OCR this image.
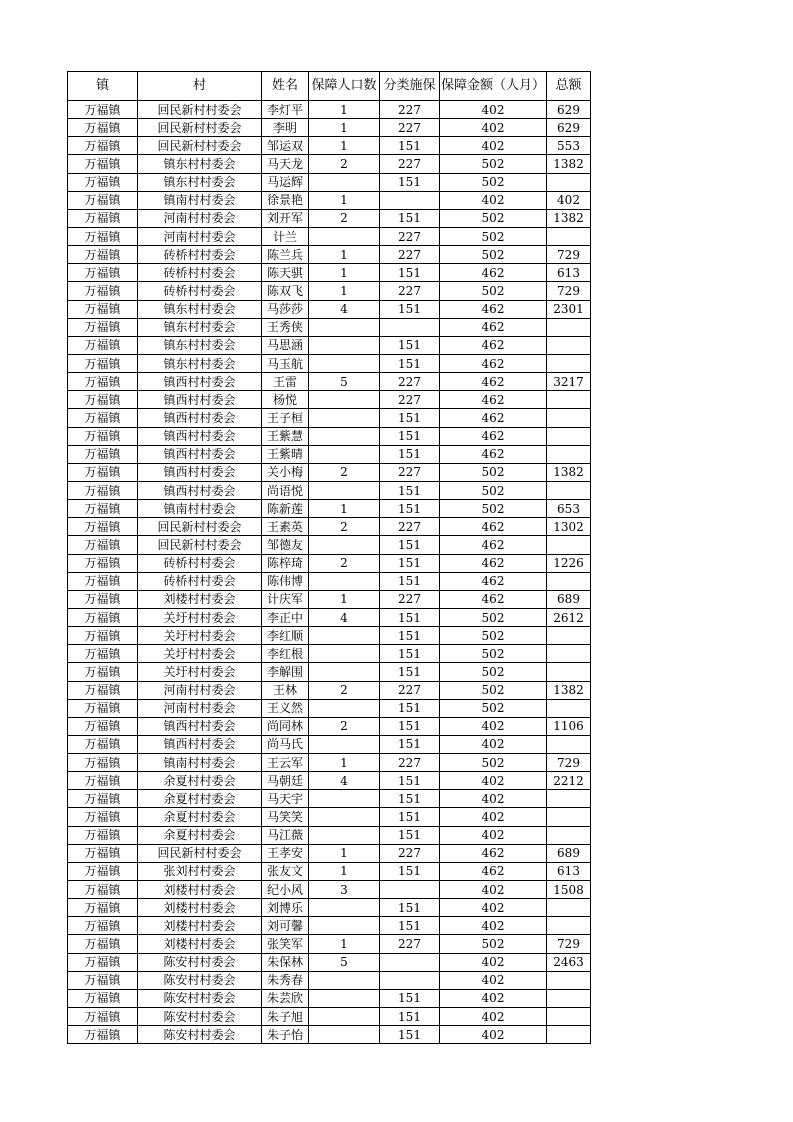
镇	村	姓名	保障人口数	分类施保	保障金额（人月）	总额
万福镇	回民新村村委会	李灯平	1	227	402	629
万福镇	回民新村村委会	李明	1	227	402	629
万福镇	回民新村村委会	邹运双	1	151	402	553
万福镇	镇东村村委会	马天龙	2	227	502	1382
万福镇	镇东村村委会	马运辉		151	502	
万福镇	镇南村村委会	徐景艳	1		402	402
万福镇	河南村村委会	刘开军	2	151	502	1382
万福镇	河南村村委会	计兰		227	502	
万福镇	砖桥村村委会	陈兰兵	1	227	502	729
万福镇	砖桥村村委会	陈天骐	1	151	462	613
万福镇	砖桥村村委会	陈双飞	1	227	502	729
万福镇	镇东村村委会	马莎莎	4	151	462	2301
万福镇	镇东村村委会	王秀侠			462	
万福镇	镇东村村委会	马思涵		151	462	
万福镇	镇东村村委会	马玉航		151	462	
万福镇	镇西村村委会	王雷	5	227	462	3217
万福镇	镇西村村委会	杨悦		227	462	
万福镇	镇西村村委会	王子桓		151	462	
万福镇	镇西村村委会	王紫慧		151	462	
万福镇	镇西村村委会	王紫晴		151	462	
万福镇	镇西村村委会	关小梅	2	227	502	1382
万福镇	镇西村村委会	尚语悦		151	502	
万福镇	镇南村村委会	陈新莲	1	151	502	653
万福镇	回民新村村委会	王素英	2	227	462	1302
万福镇	回民新村村委会	邹德友		151	462	
万福镇	砖桥村村委会	陈梓琦	2	151	462	1226
万福镇	砖桥村村委会	陈伟博		151	462	
万福镇	刘楼村村委会	计庆军	1	227	462	689
万福镇	关圩村村委会	李正中	4	151	502	2612
万福镇	关圩村村委会	李红顺		151	502	
万福镇	关圩村村委会	李红根		151	502	
万福镇	关圩村村委会	李解围		151	502	
万福镇	河南村村委会	王林	2	227	502	1382
万福镇	河南村村委会	王义然		151	502	
万福镇	镇西村村委会	尚同林	2	151	402	1106
万福镇	镇西村村委会	尚马氏		151	402	
万福镇	镇南村村委会	王云军	1	227	502	729
万福镇	余夏村村委会	马朝廷	4	151	402	2212
万福镇	余夏村村委会	马天宇		151	402	
万福镇	余夏村村委会	马笑笑		151	402	
万福镇	余夏村村委会	马江薇		151	402	
万福镇	回民新村村委会	王孝安	1	227	462	689
万福镇	张刘村村委会	张友文	1	151	462	613
万福镇	刘楼村村委会	纪小风	3		402	1508
万福镇	刘楼村村委会	刘博乐		151	402	
万福镇	刘楼村村委会	刘可馨		151	402	
万福镇	刘楼村村委会	张笑军	1	227	502	729
万福镇	陈安村村委会	朱保林	5		402	2463
万福镇	陈安村村委会	朱秀春			402	
万福镇	陈安村村委会	朱芸欣		151	402	
万福镇	陈安村村委会	朱子旭		151	402	
万福镇	陈安村村委会	朱子怡		151	402	
